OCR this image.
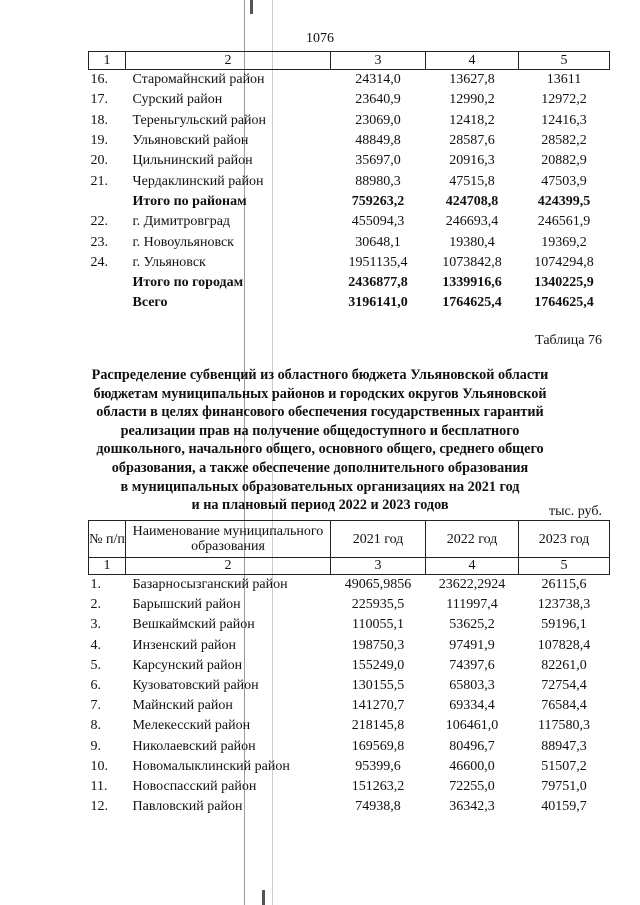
1076
1	2	3	4	5
16.	Старомайнский район	24314,0	13627,8	13611
17.	Сурский район	23640,9	12990,2	12972,2
18.	Тереньгульский район	23069,0	12418,2	12416,3
19.	Ульяновский район	48849,8	28587,6	28582,2
20.	Цильнинский район	35697,0	20916,3	20882,9
21.	Чердаклинский район	88980,3	47515,8	47503,9
	Итого по районам	759263,2	424708,8	424399,5
22.	г. Димитровград	455094,3	246693,4	246561,9
23.	г. Новоульяновск	30648,1	19380,4	19369,2
24.	г. Ульяновск	1951135,4	1073842,8	1074294,8
	Итого по городам	2436877,8	1339916,6	1340225,9
	Всего	3196141,0	1764625,4	1764625,4
Таблица 76
Распределение субвенций из областного бюджета Ульяновской области
бюджетам муниципальных районов и городских округов Ульяновской
области в целях финансового обеспечения государственных гарантий
реализации прав на получение общедоступного и бесплатного
дошкольного, начального общего, основного общего, среднего общего
образования, а также обеспечение дополнительного образования
в муниципальных образовательных организациях на 2021 год
и на плановый период 2022 и 2023 годов	тыс. руб.
№ п/п	Наименование муниципального образования	2021 год	2022 год	2023 год
1	2	3	4	5
1.	Базарносызганский район	49065,9856	23622,2924	26115,6
2.	Барышский район	225935,5	111997,4	123738,3
3.	Вешкаймский район	110055,1	53625,2	59196,1
4.	Инзенский район	198750,3	97491,9	107828,4
5.	Карсунский район	155249,0	74397,6	82261,0
6.	Кузоватовский район	130155,5	65803,3	72754,4
7.	Майнский район	141270,7	69334,4	76584,4
8.	Мелекесский район	218145,8	106461,0	117580,3
9.	Николаевский район	169569,8	80496,7	88947,3
10.	Новомалыклинский район	95399,6	46600,0	51507,2
11.	Новоспасский район	151263,2	72255,0	79751,0
12.	Павловский район	74938,8	36342,3	40159,7
